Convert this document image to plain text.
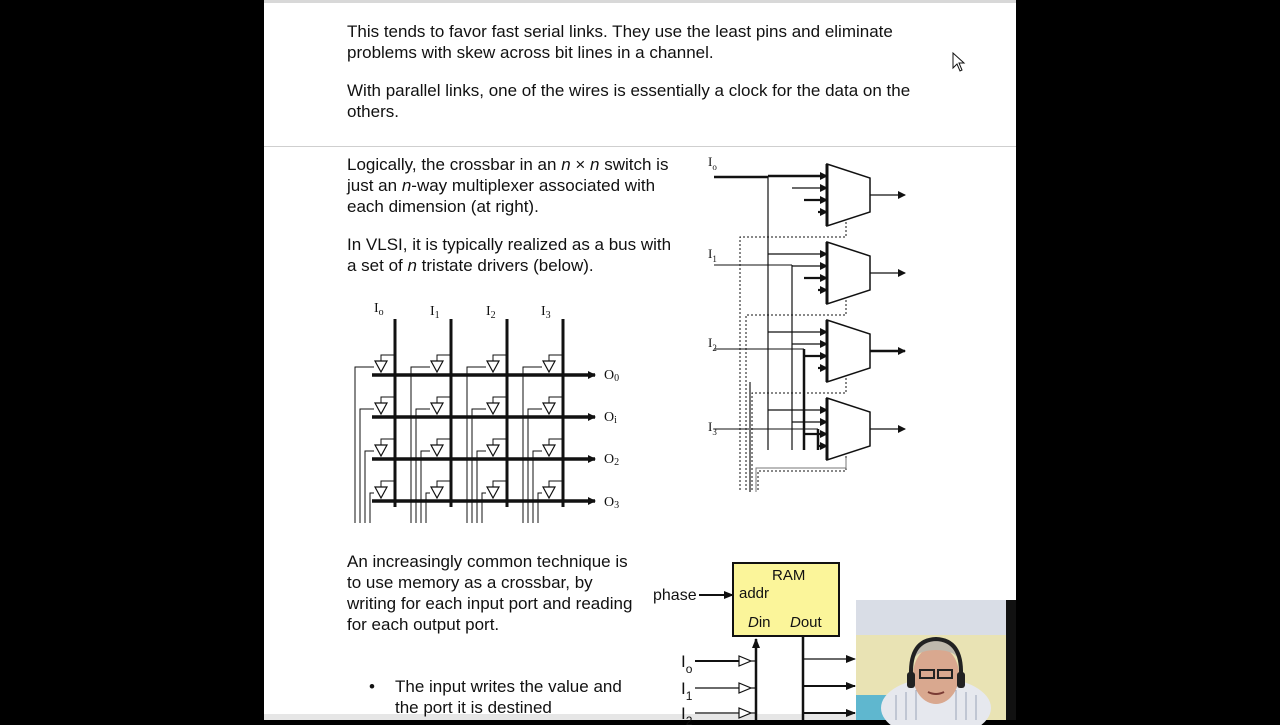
This tends to favor fast serial links. They use the least pins and eliminate problems with skew across bit lines in a channel.

With parallel links, one of the wires is essentially a clock for the data on the others.

Logically, the crossbar in an n × n switch is just an n-way multiplexer associated with each dimension (at right).

In VLSI, it is typically realized as a bus with a set of n tristate drivers (below).

An increasingly common technique is to use memory as a crossbar, by writing for each input port and reading for each output port.

• The input writes the value and the port it is destined
$I_o$	$I_1$	$I_2$	$I_3$
O0
Oi
O2
O3
$I_o$
$I_1$
$I_2$
$I_3$
RAM
addr
phase
Din Dout
$I_o$
$I_1$
$I_2$
